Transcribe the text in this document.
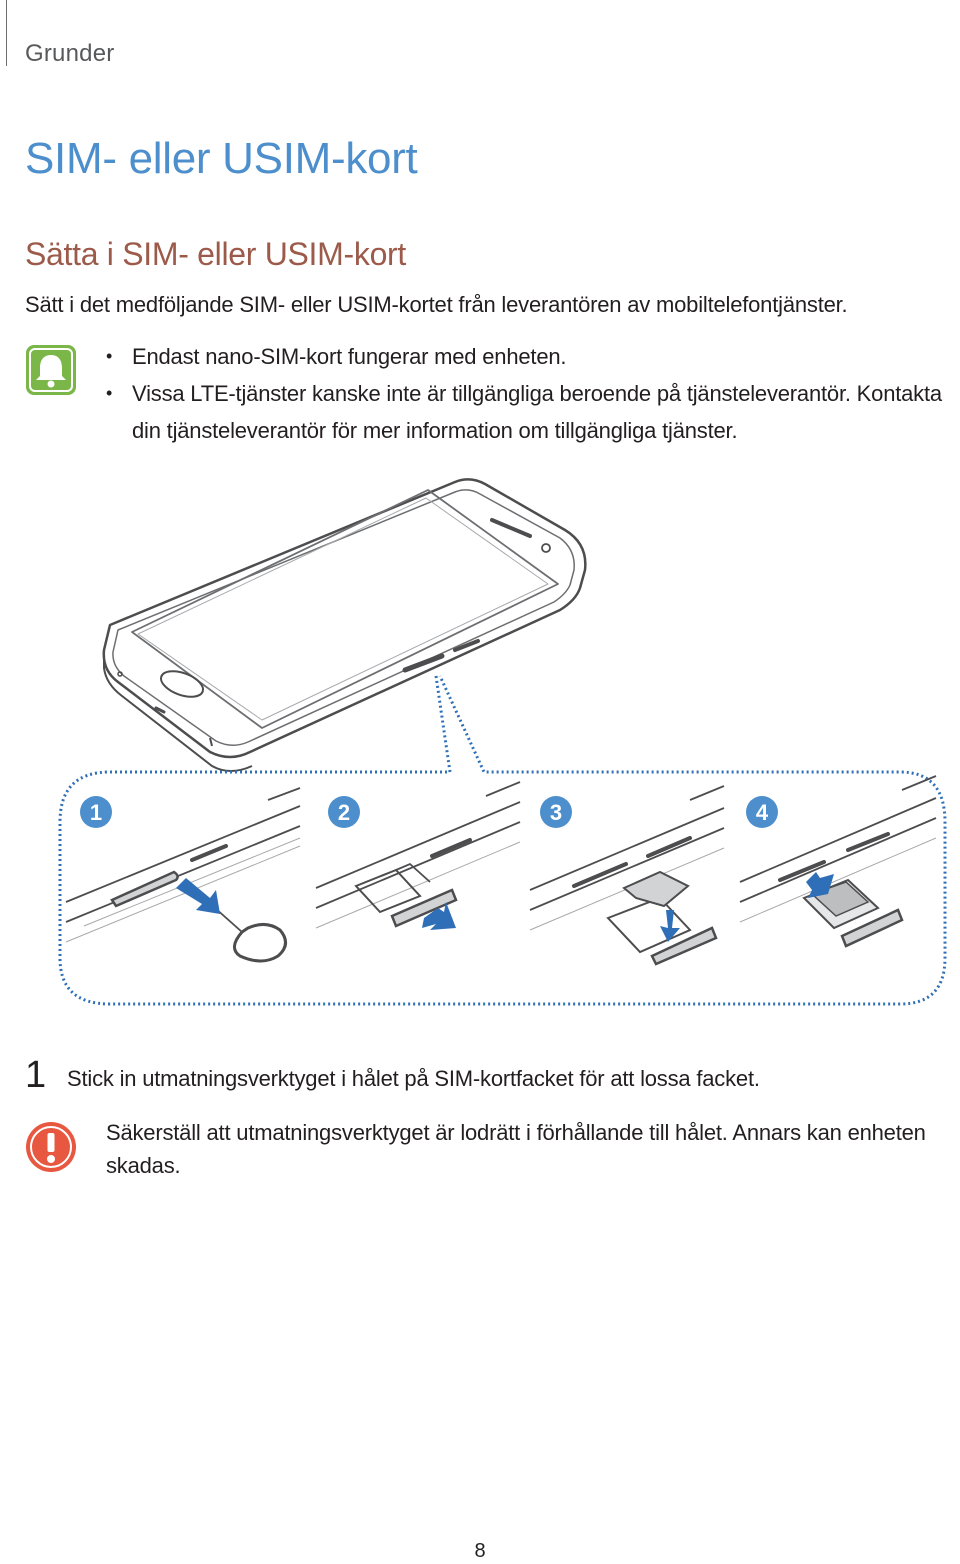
Grunder
SIM- eller USIM-kort
Sätta i SIM- eller USIM-kort
Sätt i det medföljande SIM- eller USIM-kortet från leverantören av mobiltelefontjänster.
• Endast nano-SIM-kort fungerar med enheten.
• Vissa LTE-tjänster kanske inte är tillgängliga beroende på tjänsteleverantör. Kontakta din tjänsteleverantör för mer information om tillgängliga tjänster.
1	2	3	4
1 Stick in utmatningsverktyget i hålet på SIM-kortfacket för att lossa facket.
Säkerställ att utmatningsverktyget är lodrätt i förhållande till hålet. Annars kan enheten skadas.
8
